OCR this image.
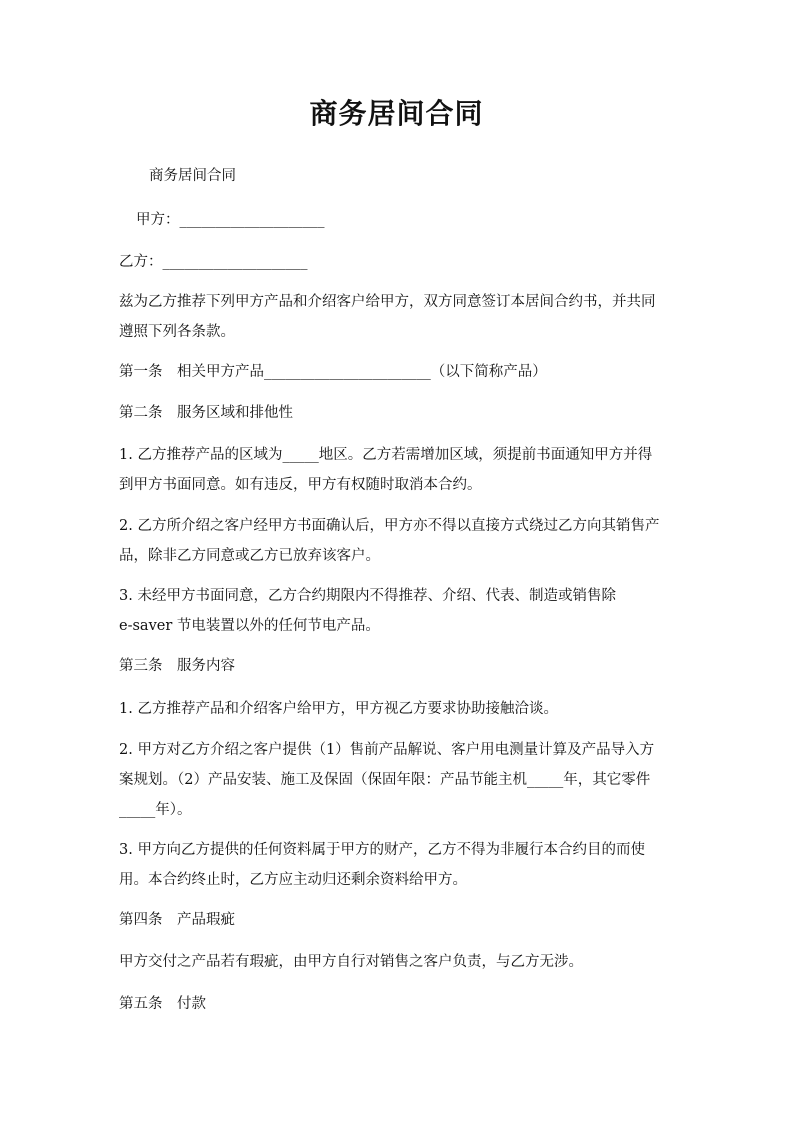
商务居间合同
商务居间合同
甲方：____________________
乙方：____________________
兹为乙方推荐下列甲方产品和介绍客户给甲方，双方同意签订本居间合约书，并共同
遵照下列各条款。
第一条　相关甲方产品_______________________（以下简称产品）
第二条　服务区域和排他性
1. 乙方推荐产品的区域为_____地区。乙方若需增加区域，须提前书面通知甲方并得
到甲方书面同意。如有违反，甲方有权随时取消本合约。
2. 乙方所介绍之客户经甲方书面确认后，甲方亦不得以直接方式绕过乙方向其销售产
品，除非乙方同意或乙方已放弃该客户。
3. 未经甲方书面同意，乙方合约期限内不得推荐、介绍、代表、制造或销售除
e-saver 节电装置以外的任何节电产品。
第三条　服务内容
1. 乙方推荐产品和介绍客户给甲方，甲方视乙方要求协助接触洽谈。
2. 甲方对乙方介绍之客户提供（1）售前产品解说、客户用电测量计算及产品导入方
案规划。（2）产品安装、施工及保固（保固年限：产品节能主机_____年，其它零件
_____年）。
3. 甲方向乙方提供的任何资料属于甲方的财产，乙方不得为非履行本合约目的而使
用。本合约终止时，乙方应主动归还剩余资料给甲方。
第四条　产品瑕疵
甲方交付之产品若有瑕疵，由甲方自行对销售之客户负责，与乙方无涉。
第五条　付款
